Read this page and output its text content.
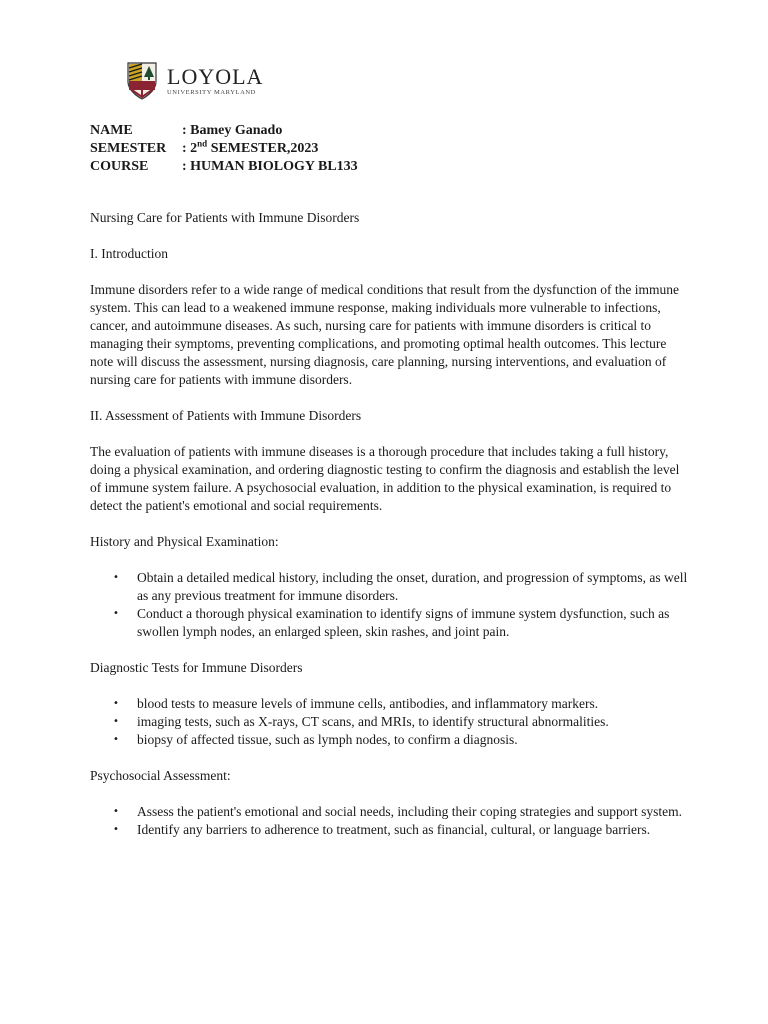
LOYOLA
UNIVERSITY MARYLAND
NAME	: Bamey Ganado
SEMESTER	: 2nd SEMESTER,2023
COURSE	: HUMAN BIOLOGY BL133

Nursing Care for Patients with Immune Disorders

I. Introduction

Immune disorders refer to a wide range of medical conditions that result from the dysfunction of the immune system. This can lead to a weakened immune response, making individuals more vulnerable to infections, cancer, and autoimmune diseases. As such, nursing care for patients with immune disorders is critical to managing their symptoms, preventing complications, and promoting optimal health outcomes. This lecture note will discuss the assessment, nursing diagnosis, care planning, nursing interventions, and evaluation of nursing care for patients with immune disorders.

II. Assessment of Patients with Immune Disorders

The evaluation of patients with immune diseases is a thorough procedure that includes taking a full history, doing a physical examination, and ordering diagnostic testing to confirm the diagnosis and establish the level of immune system failure. A psychosocial evaluation, in addition to the physical examination, is required to detect the patient's emotional and social requirements.

History and Physical Examination:

• Obtain a detailed medical history, including the onset, duration, and progression of symptoms, as well as any previous treatment for immune disorders.
• Conduct a thorough physical examination to identify signs of immune system dysfunction, such as swollen lymph nodes, an enlarged spleen, skin rashes, and joint pain.

Diagnostic Tests for Immune Disorders

• blood tests to measure levels of immune cells, antibodies, and inflammatory markers.
• imaging tests, such as X-rays, CT scans, and MRIs, to identify structural abnormalities.
• biopsy of affected tissue, such as lymph nodes, to confirm a diagnosis.

Psychosocial Assessment:

• Assess the patient's emotional and social needs, including their coping strategies and support system.
• Identify any barriers to adherence to treatment, such as financial, cultural, or language barriers.
